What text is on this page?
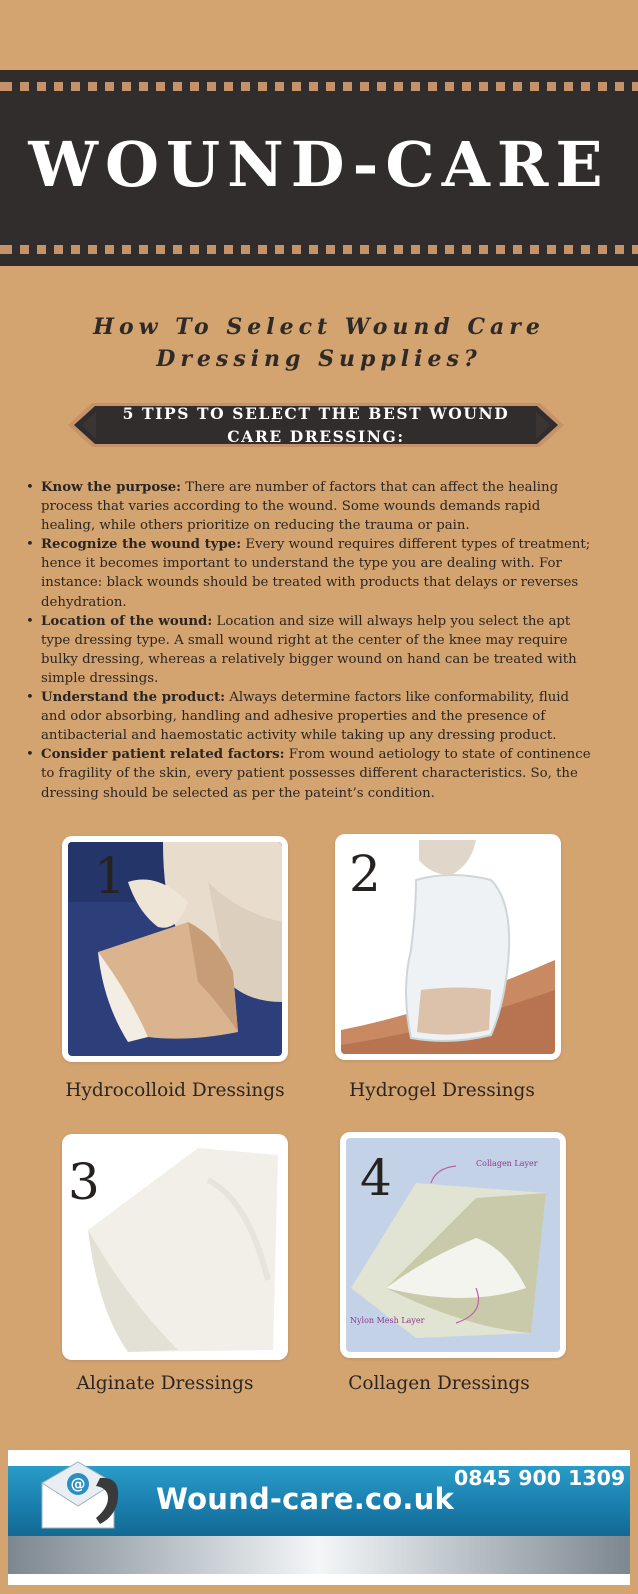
WOUND-CARE
How To Select Wound Care
Dressing Supplies?
5 TIPS TO SELECT THE BEST WOUND
CARE DRESSING:
• Know the purpose: There are number of factors that can affect the healing process that varies according to the wound. Some wounds demands rapid healing, while others prioritize on reducing the trauma or pain.
• Recognize the wound type: Every wound requires different types of treatment; hence it becomes important to understand the type you are dealing with. For instance: black wounds should be treated with products that delays or reverses dehydration.
• Location of the wound: Location and size will always help you select the apt type dressing type. A small wound right at the center of the knee may require bulky dressing, whereas a relatively bigger wound on hand can be treated with simple dressings.
• Understand the product: Always determine factors like conformability, fluid and odor absorbing, handling and adhesive properties and the presence of antibacterial and haemostatic activity while taking up any dressing product.
• Consider patient related factors: From wound aetiology to state of continence to fragility of the skin, every patient possesses different characteristics. So, the dressing should be selected as per the pateint’s condition.
1
Hydrocolloid Dressings
2
Hydrogel Dressings
3
Alginate Dressings
Collagen Layer
Nylon Mesh Layer
4
Collagen Dressings
@ Wound-care.co.uk
0845 900 1309
